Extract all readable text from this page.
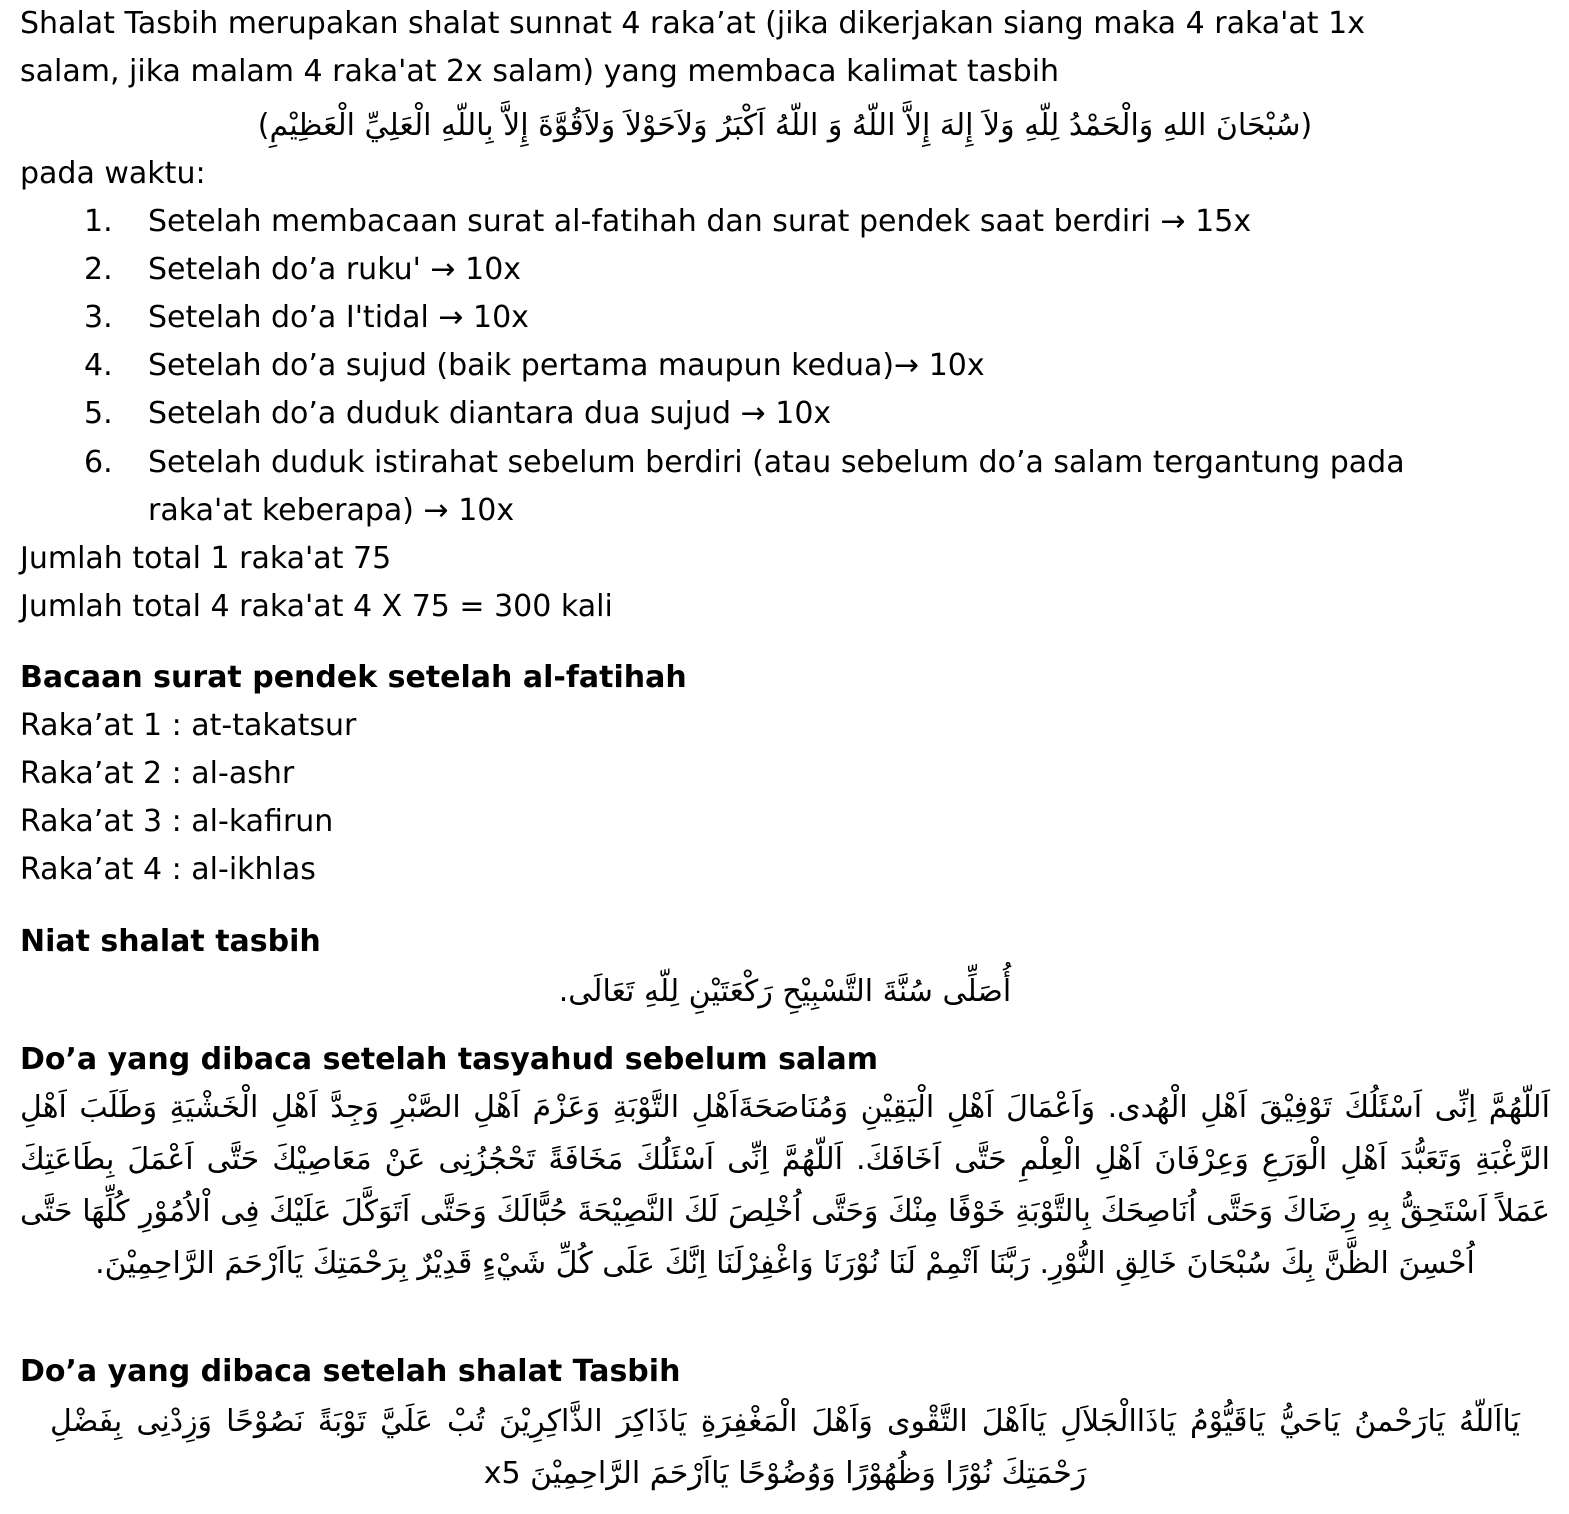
Shalat Tasbih merupakan shalat sunnat 4 raka’at (jika dikerjakan siang maka 4 raka'at 1x
salam, jika malam 4 raka'at 2x salam) yang membaca kalimat tasbih
(سُبْحَانَ اللهِ وَالْحَمْدُ لِلّهِ وَلاَ إِلهَ إِلاَّ اللّهُ وَ اللّهُ اَكْبَرُ وَلاَحَوْلاَ وَلاَقُوَّةَ إِلاَّ بِاللّهِ الْعَلِيِّ الْعَظِيْمِ)
pada waktu:
1. Setelah membacaan surat al-fatihah dan surat pendek saat berdiri → 15x
2. Setelah do’a ruku' → 10x
3. Setelah do’a I'tidal → 10x
4. Setelah do’a sujud (baik pertama maupun kedua)→ 10x
5. Setelah do’a duduk diantara dua sujud → 10x
6. Setelah duduk istirahat sebelum berdiri (atau sebelum do’a salam tergantung pada
raka'at keberapa) → 10x
Jumlah total 1 raka'at 75
Jumlah total 4 raka'at 4 X 75 = 300 kali
Bacaan surat pendek setelah al-fatihah
Raka’at 1 : at-takatsur
Raka’at 2 : al-ashr
Raka’at 3 : al-kafirun
Raka’at 4 : al-ikhlas
Niat shalat tasbih
أُصَلِّى سُنَّةَ التَّسْبِيْحِ رَكْعَتَيْنِ لِلّهِ تَعَالَى.
Do’a yang dibaca setelah tasyahud sebelum salam
اَللّهُمَّ اِنِّى اَسْئَلُكَ تَوْفِيْقَ اَهْلِ الْهُدى. وَاَعْمَالَ اَهْلِ الْيَقِيْنِ وَمُنَاصَحَةَاَهْلِ التَّوْبَةِ وَعَزْمَ اَهْلِ الصَّبْرِ وَجِدَّ اَهْلِ الْخَشْيَةِ وَطَلَبَ اَهْلِ الرَّغْبَةِ وَتَعَبُّدَ اَهْلِ الْوَرَعِ وَعِرْفَانَ اَهْلِ الْعِلْمِ حَتَّى اَخَافَكَ. اَللّهُمَّ اِنِّى اَسْئَلُكَ مَخَافَةً تَحْجُزُنِى عَنْ مَعَاصِيْكَ حَتَّى اَعْمَلَ بِطَاعَتِكَ عَمَلاً اَسْتَحِقُّ بِهِ رِضَاكَ وَحَتَّى اُنَاصِحَكَ بِالتَّوْبَةِ خَوْفًا مِنْكَ وَحَتَّى اُخْلِصَ لَكَ النَّصِيْحَةَ حُبًّالَكَ وَحَتَّى اَتَوَكَّلَ عَلَيْكَ فِى اْلاُمُوْرِ كُلِّهَا حَتَّى اُحْسِنَ الظَّنَّ بِكَ سُبْحَانَ خَالِقِ النُّوْرِ. رَبَّنَا اَتْمِمْ لَنَا نُوْرَنَا وَاغْفِرْلَنَا اِنَّكَ عَلَى كُلِّ شَيْءٍ قَدِيْرٌ بِرَحْمَتِكَ يَااَرْحَمَ الرَّاحِمِيْنَ.
Do’a yang dibaca setelah shalat Tasbih
يَااَللّهُ يَارَحْمنُ يَاحَيُّ يَاقَيُّوْمُ يَاذَاالْجَلاَلِ يَااَهْلَ التَّقْوى وَاَهْلَ الْمَغْفِرَةِ يَاذَاكِرَ الذَّاكِرِيْنَ تُبْ عَلَيَّ تَوْبَةً نَصُوْحًا وَزِدْنِى بِفَضْلِ رَحْمَتِكَ نُوْرًا وَظُهُوْرًا وَوُضُوْحًا يَااَرْحَمَ الرَّاحِمِيْنَ x5
